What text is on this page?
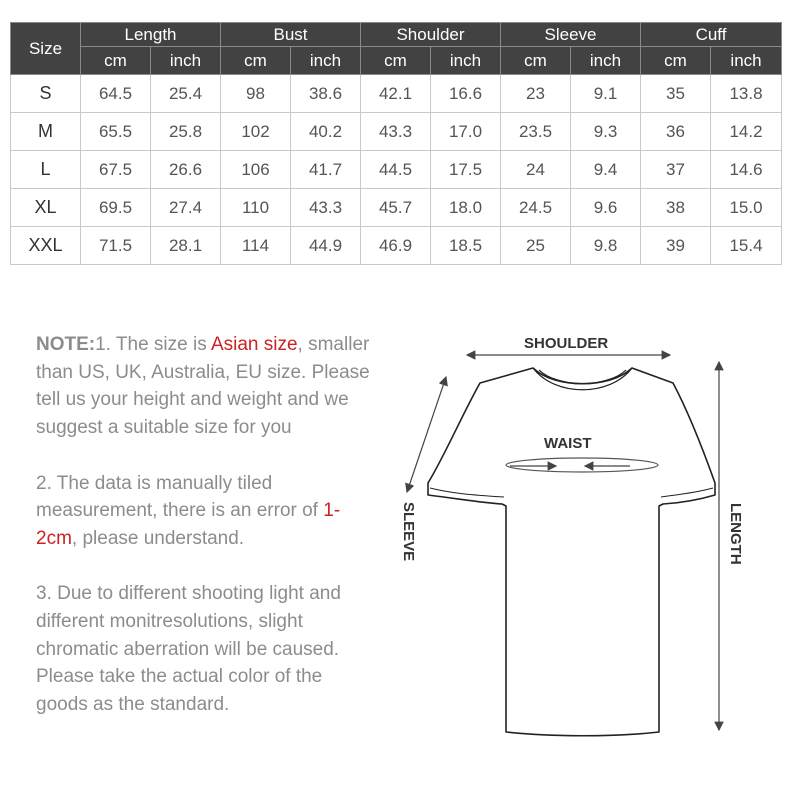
Size	Length		Bust		Shoulder		Sleeve		Cuff	
	cm	inch	cm	inch	cm	inch	cm	inch	cm	inch
S	64.5	25.4	98	38.6	42.1	16.6	23	9.1	35	13.8
M	65.5	25.8	102	40.2	43.3	17.0	23.5	9.3	36	14.2
L	67.5	26.6	106	41.7	44.5	17.5	24	9.4	37	14.6
XL	69.5	27.4	110	43.3	45.7	18.0	24.5	9.6	38	15.0
XXL	71.5	28.1	114	44.9	46.9	18.5	25	9.8	39	15.4

NOTE:1. The size is Asian size, smaller than US, UK, Australia, EU size. Please tell us your height and weight and we suggest a suitable size for you

2. The data is manually tiled measurement, there is an error of 1-2cm, please understand.

3. Due to different shooting light and different monitresolutions, slight chromatic aberration will be caused. Please take the actual color of the goods as the standard.

SHOULDER
WAIST
SLEEVE	LENGTH
